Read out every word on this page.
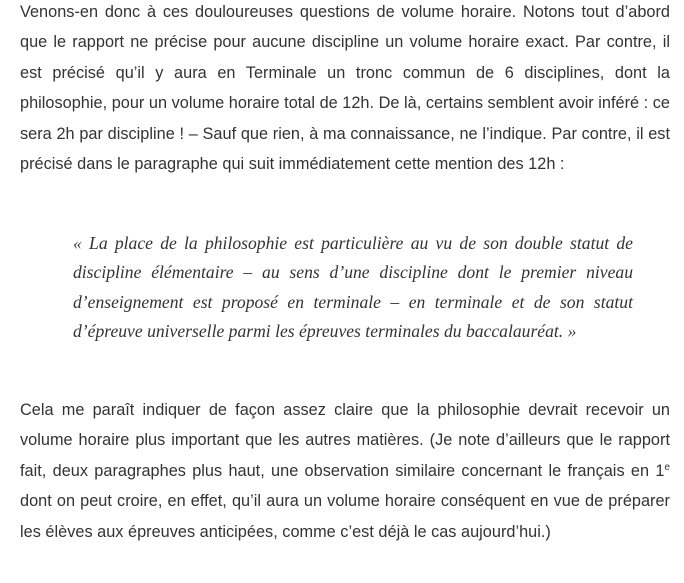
Venons-en donc à ces douloureuses questions de volume horaire. Notons tout d’abord que le rapport ne précise pour aucune discipline un volume horaire exact. Par contre, il est précisé qu’il y aura en Terminale un tronc commun de 6 disciplines, dont la philosophie, pour un volume horaire total de 12h. De là, certains semblent avoir inféré : ce sera 2h par discipline ! – Sauf que rien, à ma connaissance, ne l’indique. Par contre, il est précisé dans le paragraphe qui suit immédiatement cette mention des 12h :

« La place de la philosophie est particulière au vu de son double statut de discipline élémentaire – au sens d’une discipline dont le premier niveau d’enseignement est proposé en terminale – en terminale et de son statut d’épreuve universelle parmi les épreuves terminales du baccalauréat. »

Cela me paraît indiquer de façon assez claire que la philosophie devrait recevoir un volume horaire plus important que les autres matières. (Je note d’ailleurs que le rapport fait, deux paragraphes plus haut, une observation similaire concernant le français en 1e dont on peut croire, en effet, qu’il aura un volume horaire conséquent en vue de préparer les élèves aux épreuves anticipées, comme c’est déjà le cas aujourd’hui.)
